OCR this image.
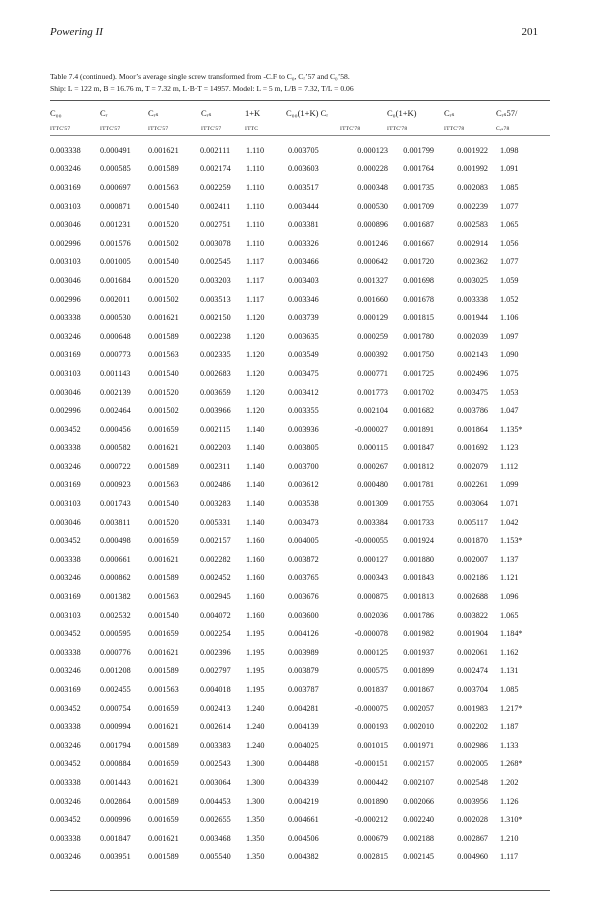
Powering II	201
Table 7.4 (continued). Moor’s average single screw transformed from -C.F to C₀, Cᵣ’57 and C₀’58.
Ship: L = 122 m, B = 16.76 m, T = 7.32 m, L·B·T = 14957. Model: L = 5 m, L/B = 7.32, T/L = 0.06
C₀₀	Cᵣ	Cᵣₛ	Cᵣₛ	1+K	C₀₀(1+K) Cᵣ	C₀(1+K)	Cᵣₛ	Cᵣₛ57/
ITTC'57	ITTC'57	ITTC'57	ITTC'57	ITTC	ITTC'78	ITTC'78	ITTC'78	Cᵣₛ78
0.003338	0.000491	0.001621	0.002111	1.110	0.003705	0.000123	0.001799	0.001922	1.098
0.003246	0.000585	0.001589	0.002174	1.110	0.003603	0.000228	0.001764	0.001992	1.091
0.003169	0.000697	0.001563	0.002259	1.110	0.003517	0.000348	0.001735	0.002083	1.085
0.003103	0.000871	0.001540	0.002411	1.110	0.003444	0.000530	0.001709	0.002239	1.077
0.003046	0.001231	0.001520	0.002751	1.110	0.003381	0.000896	0.001687	0.002583	1.065
0.002996	0.001576	0.001502	0.003078	1.110	0.003326	0.001246	0.001667	0.002914	1.056
0.003103	0.001005	0.001540	0.002545	1.117	0.003466	0.000642	0.001720	0.002362	1.077
0.003046	0.001684	0.001520	0.003203	1.117	0.003403	0.001327	0.001698	0.003025	1.059
0.002996	0.002011	0.001502	0.003513	1.117	0.003346	0.001660	0.001678	0.003338	1.052
0.003338	0.000530	0.001621	0.002150	1.120	0.003739	0.000129	0.001815	0.001944	1.106
0.003246	0.000648	0.001589	0.002238	1.120	0.003635	0.000259	0.001780	0.002039	1.097
0.003169	0.000773	0.001563	0.002335	1.120	0.003549	0.000392	0.001750	0.002143	1.090
0.003103	0.001143	0.001540	0.002683	1.120	0.003475	0.000771	0.001725	0.002496	1.075
0.003046	0.002139	0.001520	0.003659	1.120	0.003412	0.001773	0.001702	0.003475	1.053
0.002996	0.002464	0.001502	0.003966	1.120	0.003355	0.002104	0.001682	0.003786	1.047
0.003452	0.000456	0.001659	0.002115	1.140	0.003936	-0.000027	0.001891	0.001864	1.135*
0.003338	0.000582	0.001621	0.002203	1.140	0.003805	0.000115	0.001847	0.001692	1.123
0.003246	0.000722	0.001589	0.002311	1.140	0.003700	0.000267	0.001812	0.002079	1.112
0.003169	0.000923	0.001563	0.002486	1.140	0.003612	0.000480	0.001781	0.002261	1.099
0.003103	0.001743	0.001540	0.003283	1.140	0.003538	0.001309	0.001755	0.003064	1.071
0.003046	0.003811	0.001520	0.005331	1.140	0.003473	0.003384	0.001733	0.005117	1.042
0.003452	0.000498	0.001659	0.002157	1.160	0.004005	-0.000055	0.001924	0.001870	1.153*
0.003338	0.000661	0.001621	0.002282	1.160	0.003872	0.000127	0.001880	0.002007	1.137
0.003246	0.000862	0.001589	0.002452	1.160	0.003765	0.000343	0.001843	0.002186	1.121
0.003169	0.001382	0.001563	0.002945	1.160	0.003676	0.000875	0.001813	0.002688	1.096
0.003103	0.002532	0.001540	0.004072	1.160	0.003600	0.002036	0.001786	0.003822	1.065
0.003452	0.000595	0.001659	0.002254	1.195	0.004126	-0.000078	0.001982	0.001904	1.184*
0.003338	0.000776	0.001621	0.002396	1.195	0.003989	0.000125	0.001937	0.002061	1.162
0.003246	0.001208	0.001589	0.002797	1.195	0.003879	0.000575	0.001899	0.002474	1.131
0.003169	0.002455	0.001563	0.004018	1.195	0.003787	0.001837	0.001867	0.003704	1.085
0.003452	0.000754	0.001659	0.002413	1.240	0.004281	-0.000075	0.002057	0.001983	1.217*
0.003338	0.000994	0.001621	0.002614	1.240	0.004139	0.000193	0.002010	0.002202	1.187
0.003246	0.001794	0.001589	0.003383	1.240	0.004025	0.001015	0.001971	0.002986	1.133
0.003452	0.000884	0.001659	0.002543	1.300	0.004488	-0.000151	0.002157	0.002005	1.268*
0.003338	0.001443	0.001621	0.003064	1.300	0.004339	0.000442	0.002107	0.002548	1.202
0.003246	0.002864	0.001589	0.004453	1.300	0.004219	0.001890	0.002066	0.003956	1.126
0.003452	0.000996	0.001659	0.002655	1.350	0.004661	-0.000212	0.002240	0.002028	1.310*
0.003338	0.001847	0.001621	0.003468	1.350	0.004506	0.000679	0.002188	0.002867	1.210
0.003246	0.003951	0.001589	0.005540	1.350	0.004382	0.002815	0.002145	0.004960	1.117
